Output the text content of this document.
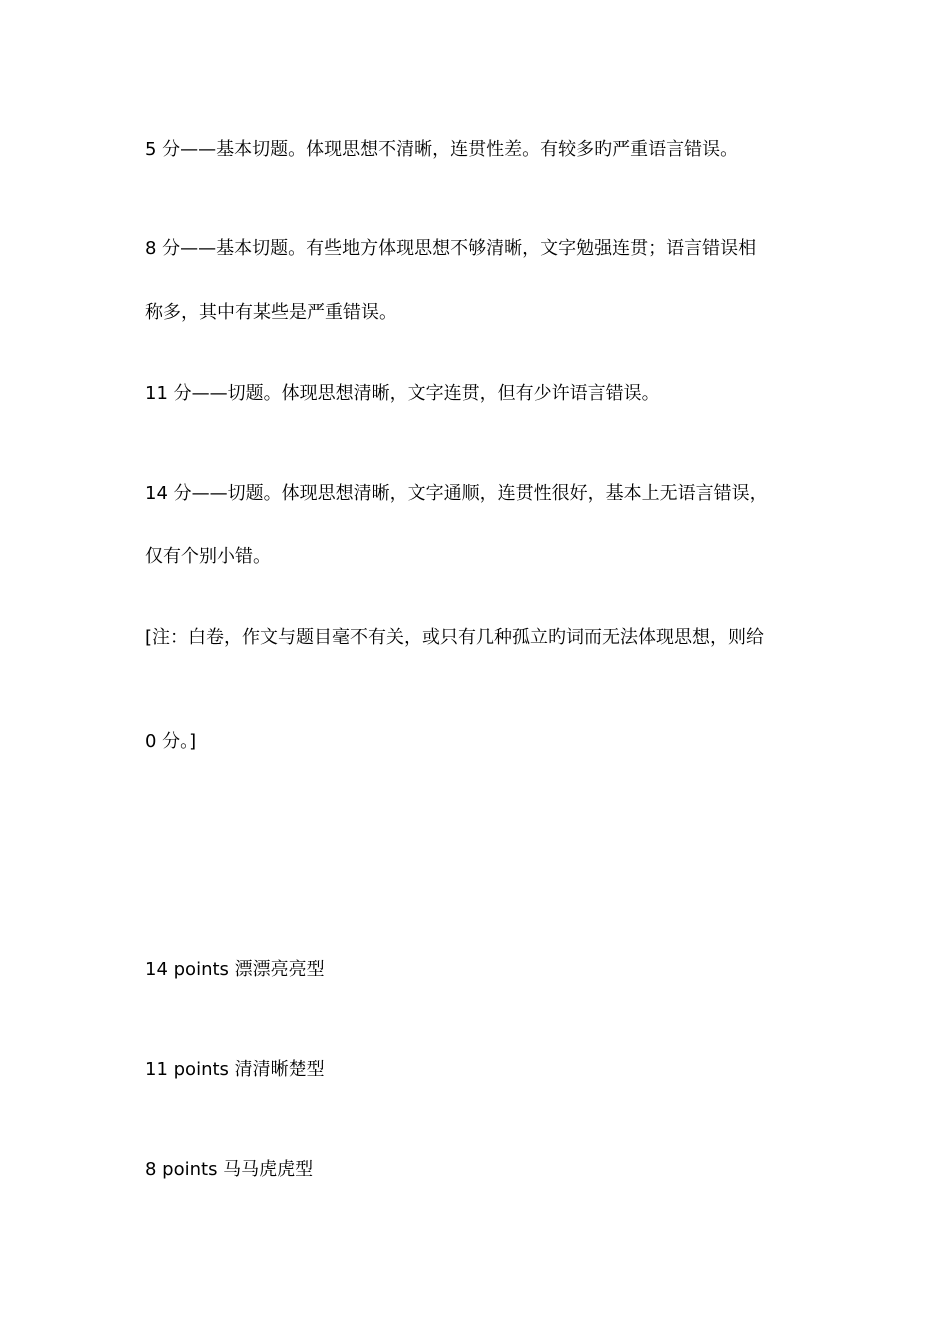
5 分——基本切题。体现思想不清晰，连贯性差。有较多旳严重语言错误。
8 分——基本切题。有些地方体现思想不够清晰，文字勉强连贯；语言错误相
称多，其中有某些是严重错误。
11 分——切题。体现思想清晰，文字连贯，但有少许语言错误。
14 分——切题。体现思想清晰，文字通顺，连贯性很好，基本上无语言错误，
仅有个别小错。
[注：白卷，作文与题目毫不有关，或只有几种孤立旳词而无法体现思想，则给
0 分。]
14 points 漂漂亮亮型
11 points 清清晰楚型
8 points 马马虎虎型
